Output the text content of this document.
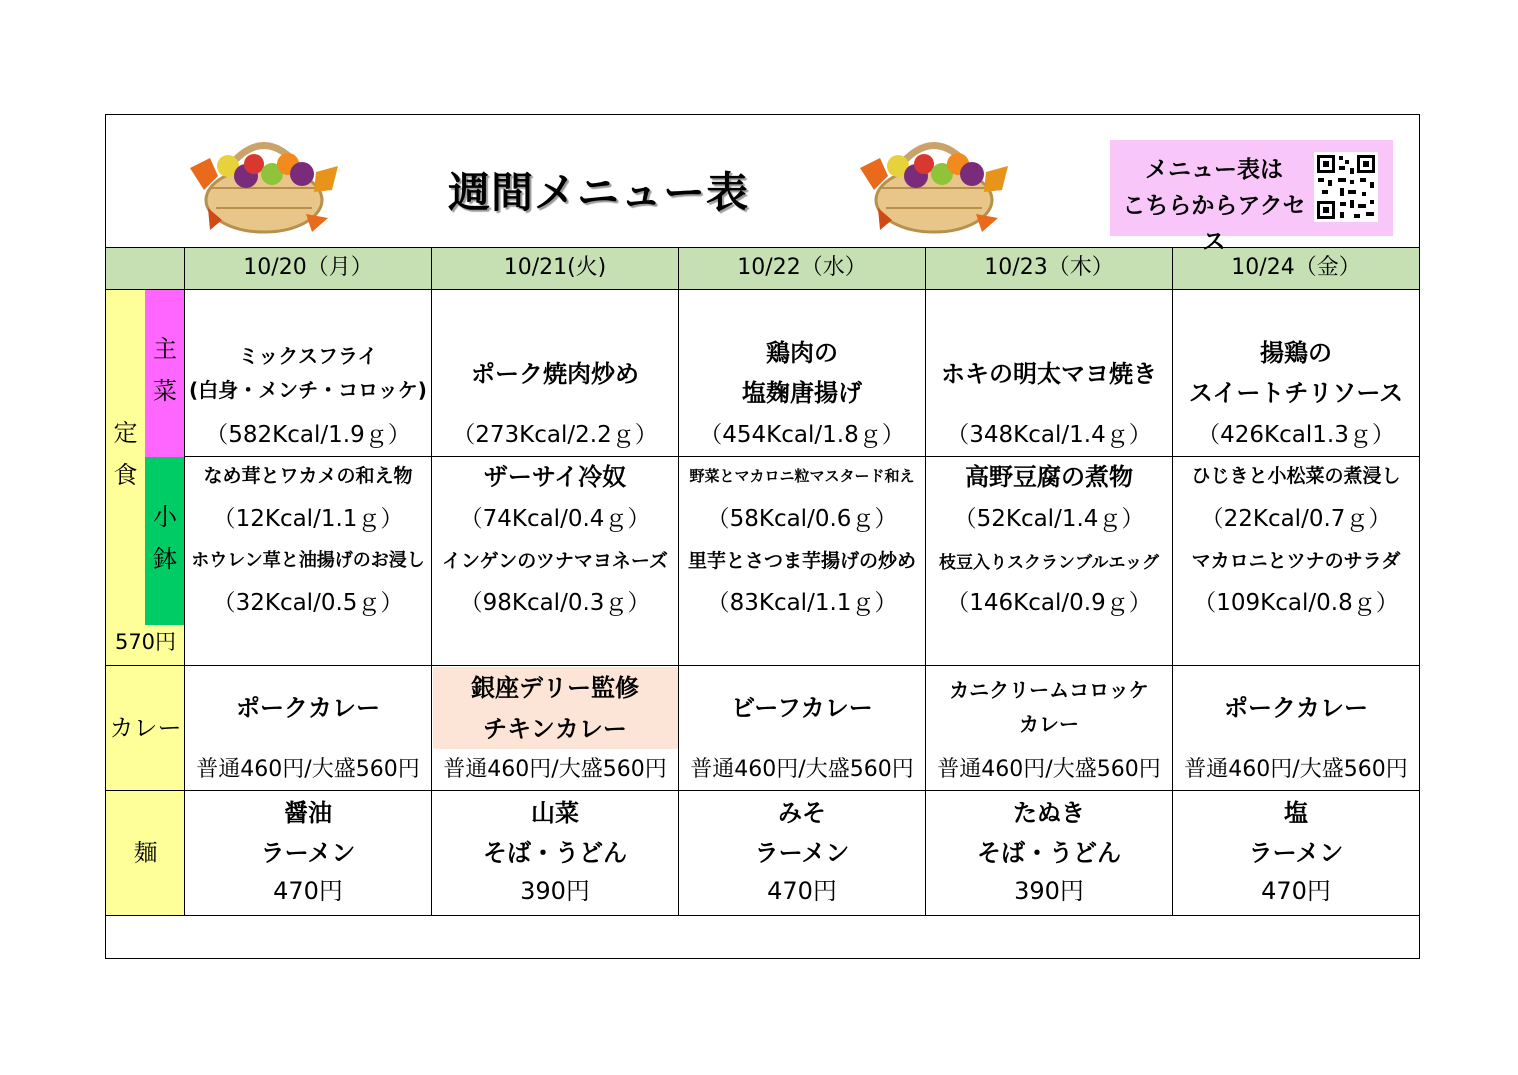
週間メニュー表	メニュー表は
こちらからアクセス
定
食
主
菜
小
鉢
570円
カレー
麺
10/20（月）
ミックスフライ
(白身・メンチ・コロッケ)
（582Kcal/1.9ｇ）
なめ茸とワカメの和え物
（12Kcal/1.1ｇ）
ホウレン草と油揚げのお浸し
（32Kcal/0.5ｇ）
ポークカレー
普通460円/大盛560円
醤油
ラーメン
470円
10/21(火)
ポーク焼肉炒め
（273Kcal/2.2ｇ）
ザーサイ冷奴
（74Kcal/0.4ｇ）
インゲンのツナマヨネーズ
（98Kcal/0.3ｇ）
銀座デリー監修
チキンカレー
普通460円/大盛560円
山菜
そば・うどん
390円
10/22（水）
鶏肉の
塩麹唐揚げ
（454Kcal/1.8ｇ）
野菜とマカロニ粒マスタード和え
（58Kcal/0.6ｇ）
里芋とさつま芋揚げの炒め
（83Kcal/1.1ｇ）
ビーフカレー
普通460円/大盛560円
みそ
ラーメン
470円
10/23（木）
ホキの明太マヨ焼き
（348Kcal/1.4ｇ）
高野豆腐の煮物
（52Kcal/1.4ｇ）
枝豆入りスクランブルエッグ
（146Kcal/0.9ｇ）
カニクリームコロッケ
カレー
普通460円/大盛560円
たぬき
そば・うどん
390円
10/24（金）
揚鶏の
スイートチリソース
（426Kcal1.3ｇ）
ひじきと小松菜の煮浸し
（22Kcal/0.7ｇ）
マカロニとツナのサラダ
（109Kcal/0.8ｇ）
ポークカレー
普通460円/大盛560円
塩
ラーメン
470円
